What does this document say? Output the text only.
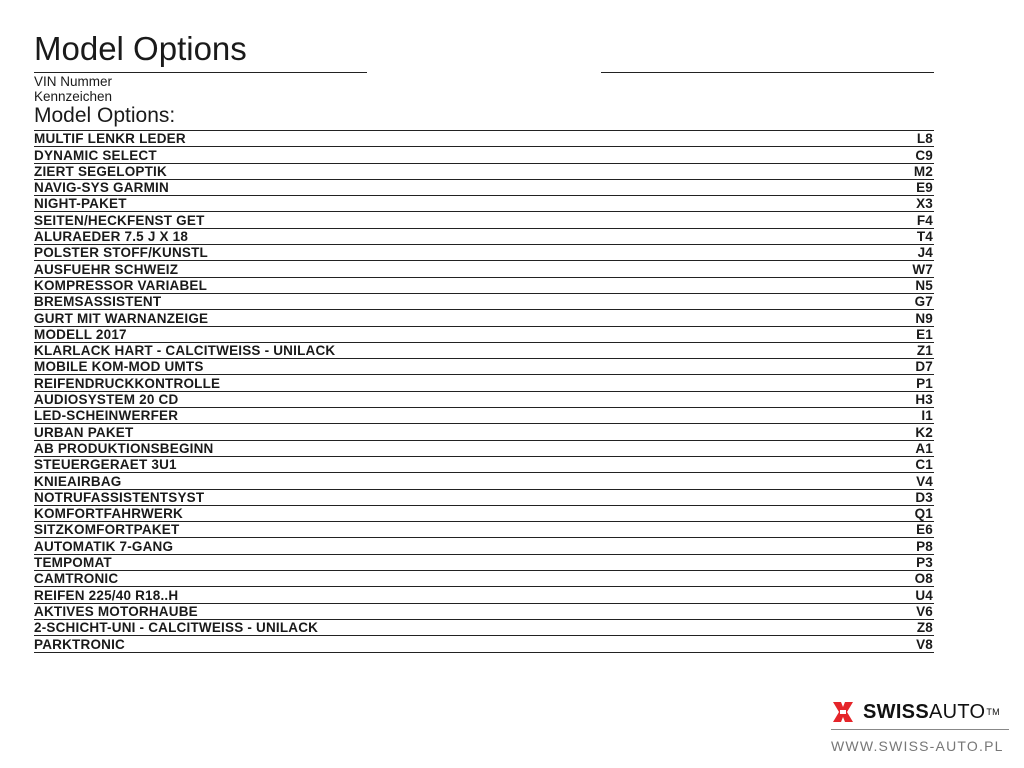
Model Options
VIN Nummer
Kennzeichen
Model Options:
MULTIF LENKR LEDER	L8
DYNAMIC SELECT	C9
ZIERT SEGELOPTIK	M2
NAVIG-SYS GARMIN	E9
NIGHT-PAKET	X3
SEITEN/HECKFENST GET	F4
ALURAEDER 7.5 J X 18	T4
POLSTER STOFF/KUNSTL	J4
AUSFUEHR SCHWEIZ	W7
KOMPRESSOR VARIABEL	N5
BREMSASSISTENT	G7
GURT MIT WARNANZEIGE	N9
MODELL 2017	E1
KLARLACK HART - CALCITWEISS - UNILACK	Z1
MOBILE KOM-MOD UMTS	D7
REIFENDRUCKKONTROLLE	P1
AUDIOSYSTEM 20 CD	H3
LED-SCHEINWERFER	I1
URBAN PAKET	K2
AB PRODUKTIONSBEGINN	A1
STEUERGERAET 3U1	C1
KNIEAIRBAG	V4
NOTRUFASSISTENTSYST	D3
KOMFORTFAHRWERK	Q1
SITZKOMFORTPAKET	E6
AUTOMATIK 7-GANG	P8
TEMPOMAT	P3
CAMTRONIC	O8
REIFEN 225/40 R18..H	U4
AKTIVES MOTORHAUBE	V6
2-SCHICHT-UNI - CALCITWEISS - UNILACK	Z8
PARKTRONIC	V8
SWISSAUTO™
WWW.SWISS-AUTO.PL
